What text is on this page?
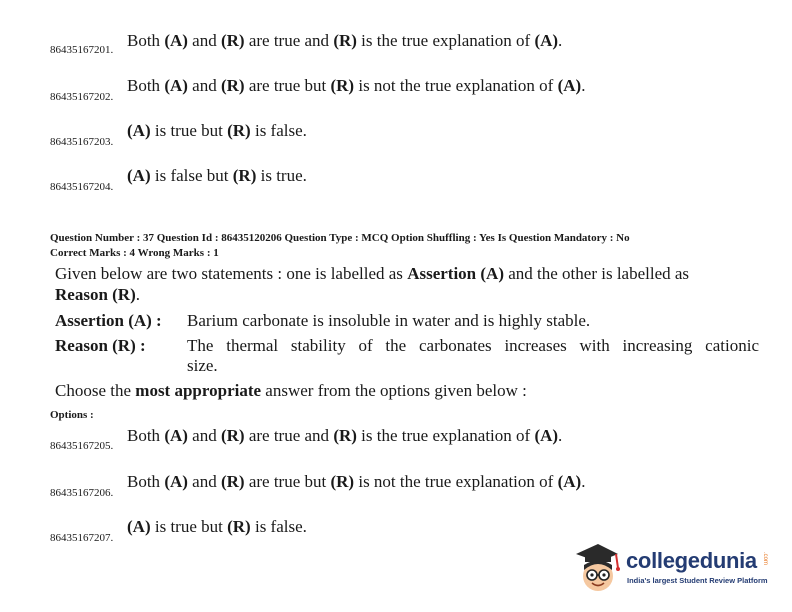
86435167201. Both (A) and (R) are true and (R) is the true explanation of (A).
86435167202.
Both (A) and (R) are true but (R) is not the true explanation of (A).
86435167203.
(A) is true but (R) is false.
86435167204.
(A) is false but (R) is true.
Question Number : 37 Question Id : 86435120206 Question Type : MCQ Option Shuffling : Yes Is Question Mandatory : No
Correct Marks : 4 Wrong Marks : 1
Given below are two statements : one is labelled as Assertion (A) and the other is labelled as
Reason (R).
Assertion (A) : Barium carbonate is insoluble in water and is highly stable.
Reason (R) : The thermal stability of the carbonates increases with increasing cationic
size.
Choose the most appropriate answer from the options given below :
Options :
86435167205.
Both (A) and (R) are true and (R) is the true explanation of (A).
86435167206.
Both (A) and (R) are true but (R) is not the true explanation of (A).
86435167207.
(A) is true but (R) is false.
collegedunia .com
India's largest Student Review Platform
